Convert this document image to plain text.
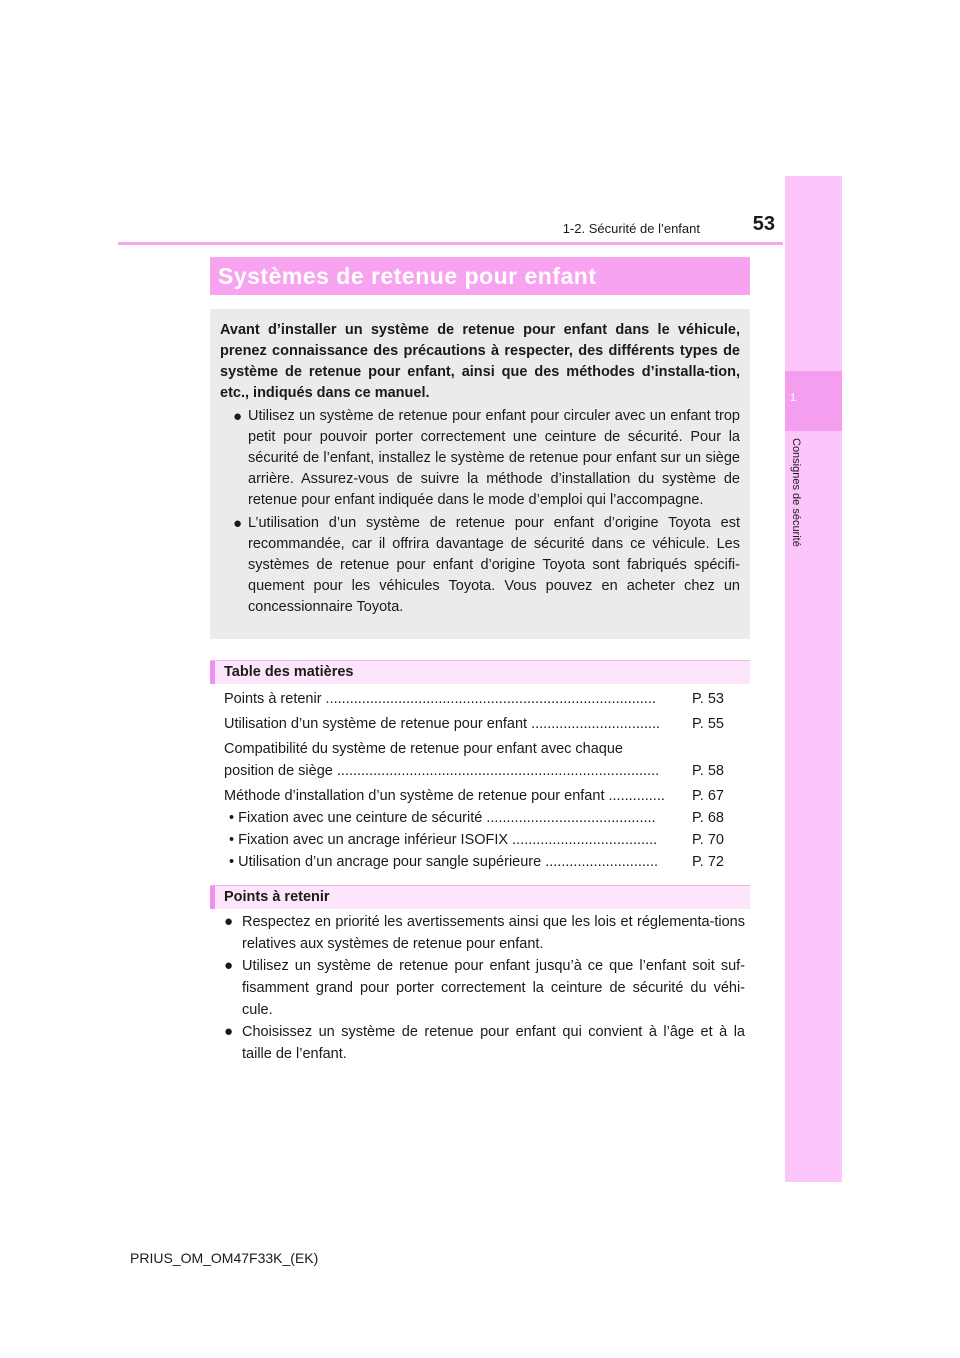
1
Consignes de sécurité
1-2. Sécurité de l’enfant	53
Systèmes de retenue pour enfant
Avant d’installer un système de retenue pour enfant dans le véhicule, prenez connaissance des précautions à respecter, des différents types de système de retenue pour enfant, ainsi que des méthodes d’installa-tion, etc., indiqués dans ce manuel.
● Utilisez un système de retenue pour enfant pour circuler avec un enfant trop petit pour pouvoir porter correctement une ceinture de sécurité. Pour la sécurité de l’enfant, installez le système de retenue pour enfant sur un siège arrière. Assurez-vous de suivre la méthode d’installation du système de retenue pour enfant indiquée dans le mode d’emploi qui l’accompagne.
● L’utilisation d’un système de retenue pour enfant d’origine Toyota est recommandée, car il offrira davantage de sécurité dans ce véhicule. Les systèmes de retenue pour enfant d’origine Toyota sont fabriqués spécifi-quement pour les véhicules Toyota. Vous pouvez en acheter chez un concessionnaire Toyota.
Table des matières
Points à retenir .................................................................................. P. 53
Utilisation d’un système de retenue pour enfant ................................ P. 55
Compatibilité du système de retenue pour enfant avec chaque
position de siège ................................................................................ P. 58
Méthode d’installation d’un système de retenue pour enfant .............. P. 67
• Fixation avec une ceinture de sécurité ..........................................	P. 68
• Fixation avec un ancrage inférieur ISOFIX .................................... P. 70
• Utilisation d’un ancrage pour sangle supérieure ............................ P. 72
Points à retenir
● Respectez en priorité les avertissements ainsi que les lois et réglementa-tions relatives aux systèmes de retenue pour enfant.
● Utilisez un système de retenue pour enfant jusqu’à ce que l’enfant soit suf-fisamment grand pour porter correctement la ceinture de sécurité du véhi-cule.
● Choisissez un système de retenue pour enfant qui convient à l’âge et à la taille de l’enfant.
PRIUS_OM_OM47F33K_(EK)
